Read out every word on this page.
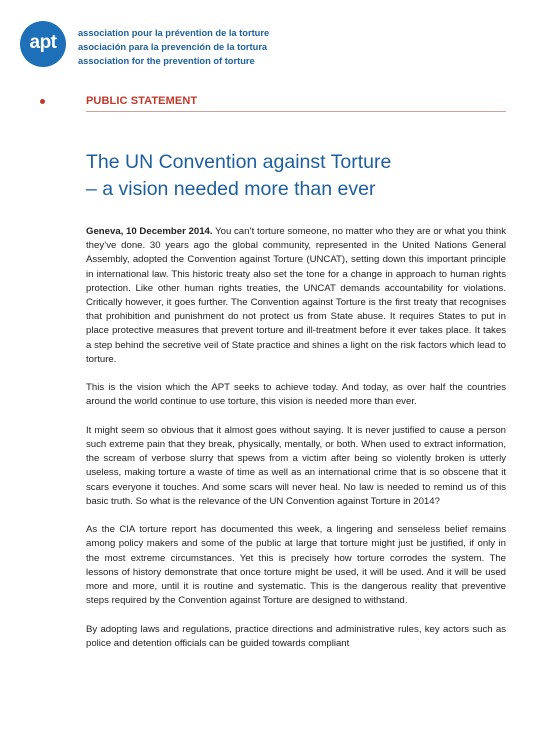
apt association pour la prévention de la torture
asociación para la prevención de la tortura
association for the prevention of torture
PUBLIC STATEMENT
The UN Convention against Torture
– a vision needed more than ever

Geneva, 10 December 2014. You can’t torture someone, no matter who they are or what you think they’ve done. 30 years ago the global community, represented in the United Nations General Assembly, adopted the Convention against Torture (UNCAT), setting down this important principle in international law. This historic treaty also set the tone for a change in approach to human rights protection. Like other human rights treaties, the UNCAT demands accountability for violations. Critically however, it goes further. The Convention against Torture is the first treaty that recognises that prohibition and punishment do not protect us from State abuse. It requires States to put in place protective measures that prevent torture and ill-treatment before it ever takes place. It takes a step behind the secretive veil of State practice and shines a light on the risk factors which lead to torture.

This is the vision which the APT seeks to achieve today. And today, as over half the countries around the world continue to use torture, this vision is needed more than ever.

It might seem so obvious that it almost goes without saying. It is never justified to cause a person such extreme pain that they break, physically, mentally, or both. When used to extract information, the scream of verbose slurry that spews from a victim after being so violently broken is utterly useless, making torture a waste of time as well as an international crime that is so obscene that it scars everyone it touches. And some scars will never heal. No law is needed to remind us of this basic truth. So what is the relevance of the UN Convention against Torture in 2014?

As the CIA torture report has documented this week, a lingering and senseless belief remains among policy makers and some of the public at large that torture might just be justified, if only in the most extreme circumstances. Yet this is precisely how torture corrodes the system. The lessons of history demonstrate that once torture might be used, it will be used. And it will be used more and more, until it is routine and systematic. This is the dangerous reality that preventive steps required by the Convention against Torture are designed to withstand.

By adopting laws and regulations, practice directions and administrative rules, key actors such as police and detention officials can be guided towards compliant
